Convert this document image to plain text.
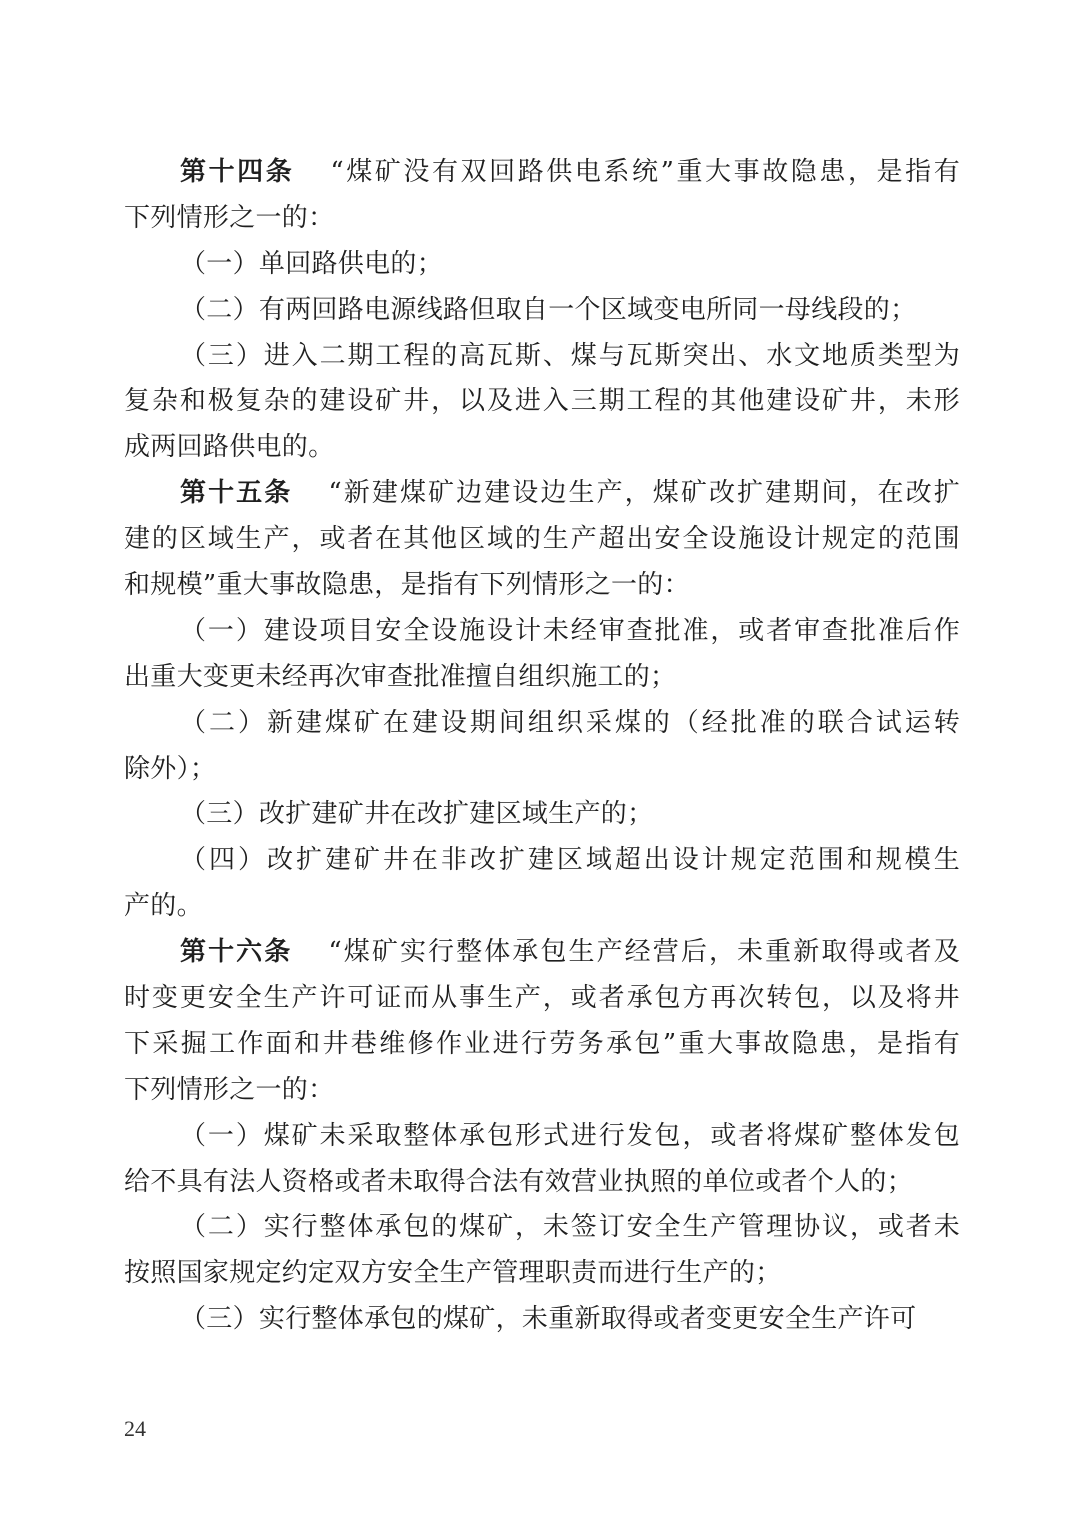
第十四条 “煤矿没有双回路供电系统”重大事故隐患，是指有
下列情形之一的：
（一）单回路供电的；
（二）有两回路电源线路但取自一个区域变电所同一母线段的；
（三）进入二期工程的高瓦斯、煤与瓦斯突出、水文地质类型为
复杂和极复杂的建设矿井，以及进入三期工程的其他建设矿井，未形
成两回路供电的。
第十五条 “新建煤矿边建设边生产，煤矿改扩建期间，在改扩
建的区域生产，或者在其他区域的生产超出安全设施设计规定的范围
和规模”重大事故隐患，是指有下列情形之一的：
（一）建设项目安全设施设计未经审查批准，或者审查批准后作
出重大变更未经再次审查批准擅自组织施工的；
（二）新建煤矿在建设期间组织采煤的（经批准的联合试运转
除外）；
（三）改扩建矿井在改扩建区域生产的；
（四）改扩建矿井在非改扩建区域超出设计规定范围和规模生
产的。
第十六条 “煤矿实行整体承包生产经营后，未重新取得或者及
时变更安全生产许可证而从事生产，或者承包方再次转包，以及将井
下采掘工作面和井巷维修作业进行劳务承包”重大事故隐患，是指有
下列情形之一的：
（一）煤矿未采取整体承包形式进行发包，或者将煤矿整体发包
给不具有法人资格或者未取得合法有效营业执照的单位或者个人的；
（二）实行整体承包的煤矿，未签订安全生产管理协议，或者未
按照国家规定约定双方安全生产管理职责而进行生产的；
（三）实行整体承包的煤矿，未重新取得或者变更安全生产许可
24
